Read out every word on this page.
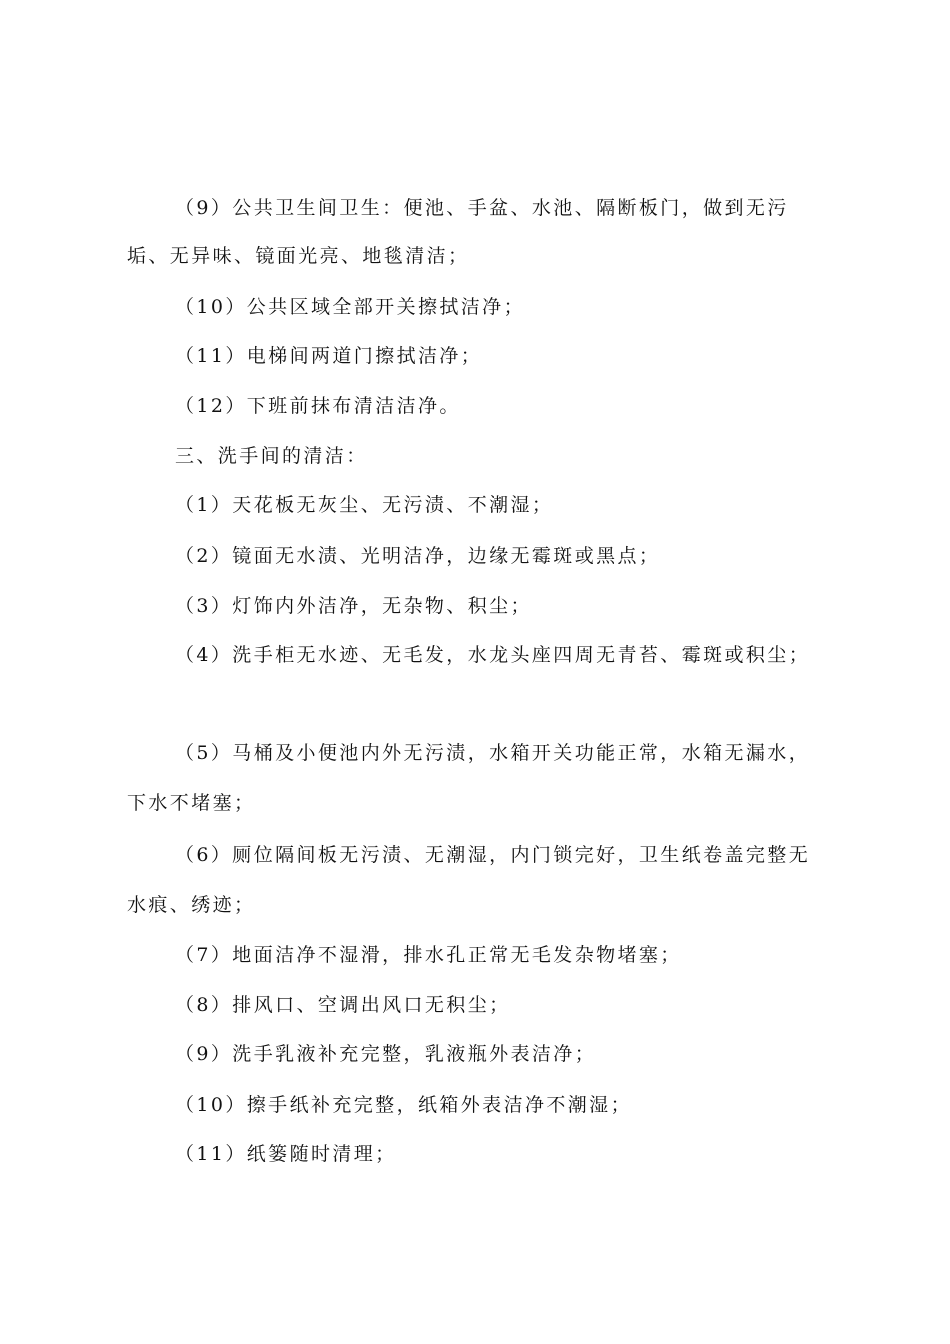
（9）公共卫生间卫生：便池、手盆、水池、隔断板门，做到无污
垢、无异味、镜面光亮、地毯清洁；
（10）公共区域全部开关擦拭洁净；
（11）电梯间两道门擦拭洁净；
（12）下班前抹布清洁洁净。
三、洗手间的清洁：
（1）天花板无灰尘、无污渍、不潮湿；
（2）镜面无水渍、光明洁净，边缘无霉斑或黑点；
（3）灯饰内外洁净，无杂物、积尘；
（4）洗手柜无水迹、无毛发，水龙头座四周无青苔、霉斑或积尘；
（5）马桶及小便池内外无污渍，水箱开关功能正常，水箱无漏水，
下水不堵塞；
（6）厕位隔间板无污渍、无潮湿，内门锁完好，卫生纸卷盖完整无
水痕、绣迹；
（7）地面洁净不湿滑，排水孔正常无毛发杂物堵塞；
（8）排风口、空调出风口无积尘；
（9）洗手乳液补充完整，乳液瓶外表洁净；
（10）擦手纸补充完整，纸箱外表洁净不潮湿；
（11）纸篓随时清理；
